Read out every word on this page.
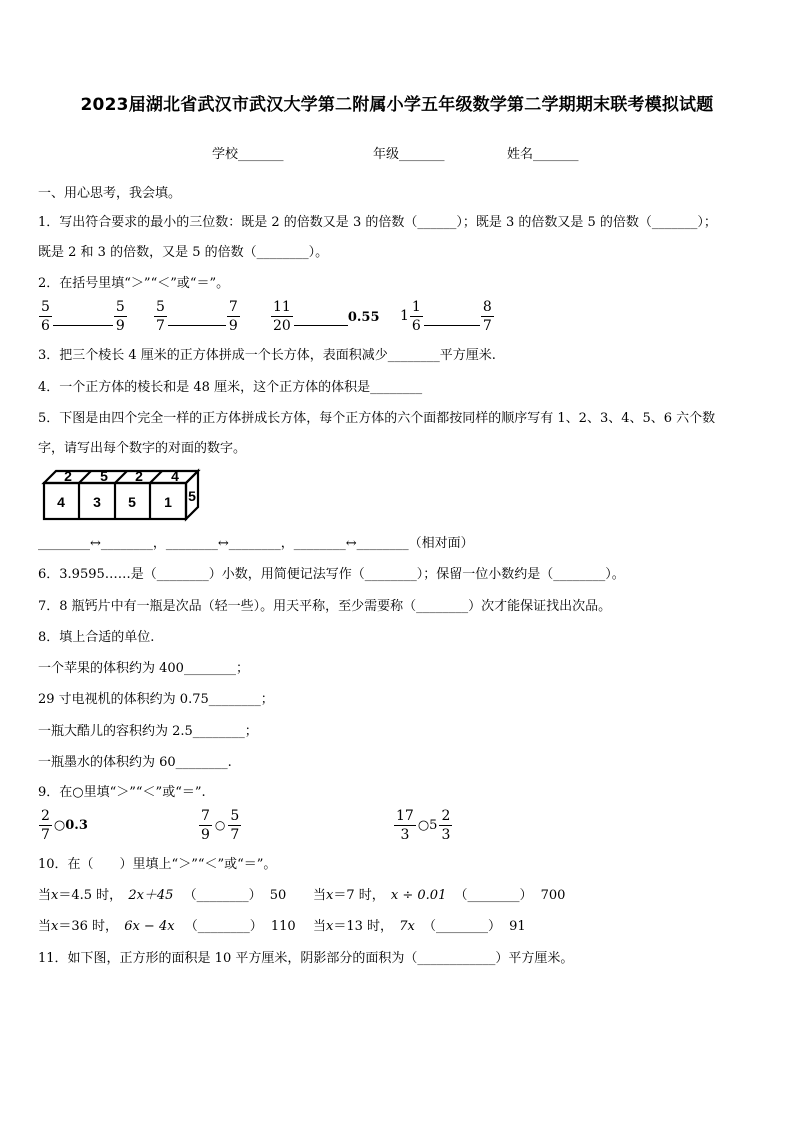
2023届湖北省武汉市武汉大学第二附属小学五年级数学第二学期期末联考模拟试题
学校_______	年级_______	姓名_______
一、用心思考，我会填。
1．写出符合要求的最小的三位数：既是 2 的倍数又是 3 的倍数（______）；既是 3 的倍数又是 5 的倍数（_______）；
既是 2 和 3 的倍数，又是 5 的倍数（________）。
2．在括号里填“＞”“＜”或“＝”。
$\frac{5}{6}$	$\frac{5}{9} \frac{5}{7}$	$\frac{7}{9} \frac{11}{20}$	0.55 $1 \frac{1}{6}$	$\frac{8}{7}$
3．把三个棱长 4 厘米的正方体拼成一个长方体，表面积减少________平方厘米.
4．一个正方体的棱长和是 48 厘米，这个正方体的体积是________
5．下图是由四个完全一样的正方体拼成长方体，每个正方体的六个面都按同样的顺序写有 1、2、3、4、5、6 六个数
字，请写出每个数字的对面的数字。
2 5 2 4
4 3 5 1 5
________↔________，________↔________，________↔________（相对面）
6．3.9595……是（________）小数，用简便记法写作（________）；保留一位小数约是（________）。
7．8 瓶钙片中有一瓶是次品（轻一些）。用天平称，至少需要称（________）次才能保证找出次品。
8．填上合适的单位.
一个苹果的体积约为 400________；
29 寸电视机的体积约为 0.75________；
一瓶大酷儿的容积约为 2.5________；
一瓶墨水的体积约为 60________.
9．在○里填“＞”“＜”或“＝”.
$\frac{2}{7}$ ○0.3	$\frac{7}{9}$ ○ $\frac{5}{7}$	$\frac{17}{3}$ ○5 $\frac{2}{3}$
10．在（　　）里填上“＞”“＜”或“＝”。
当x＝4.5 时， 2x＋45 （________） 50 当x＝7 时， x ÷ 0.01 （________） 700
当x＝36 时， 6x − 4x （________） 110 当x＝13 时， 7x （________） 91
11．如下图，正方形的面积是 10 平方厘米，阴影部分的面积为（____________）平方厘米。
